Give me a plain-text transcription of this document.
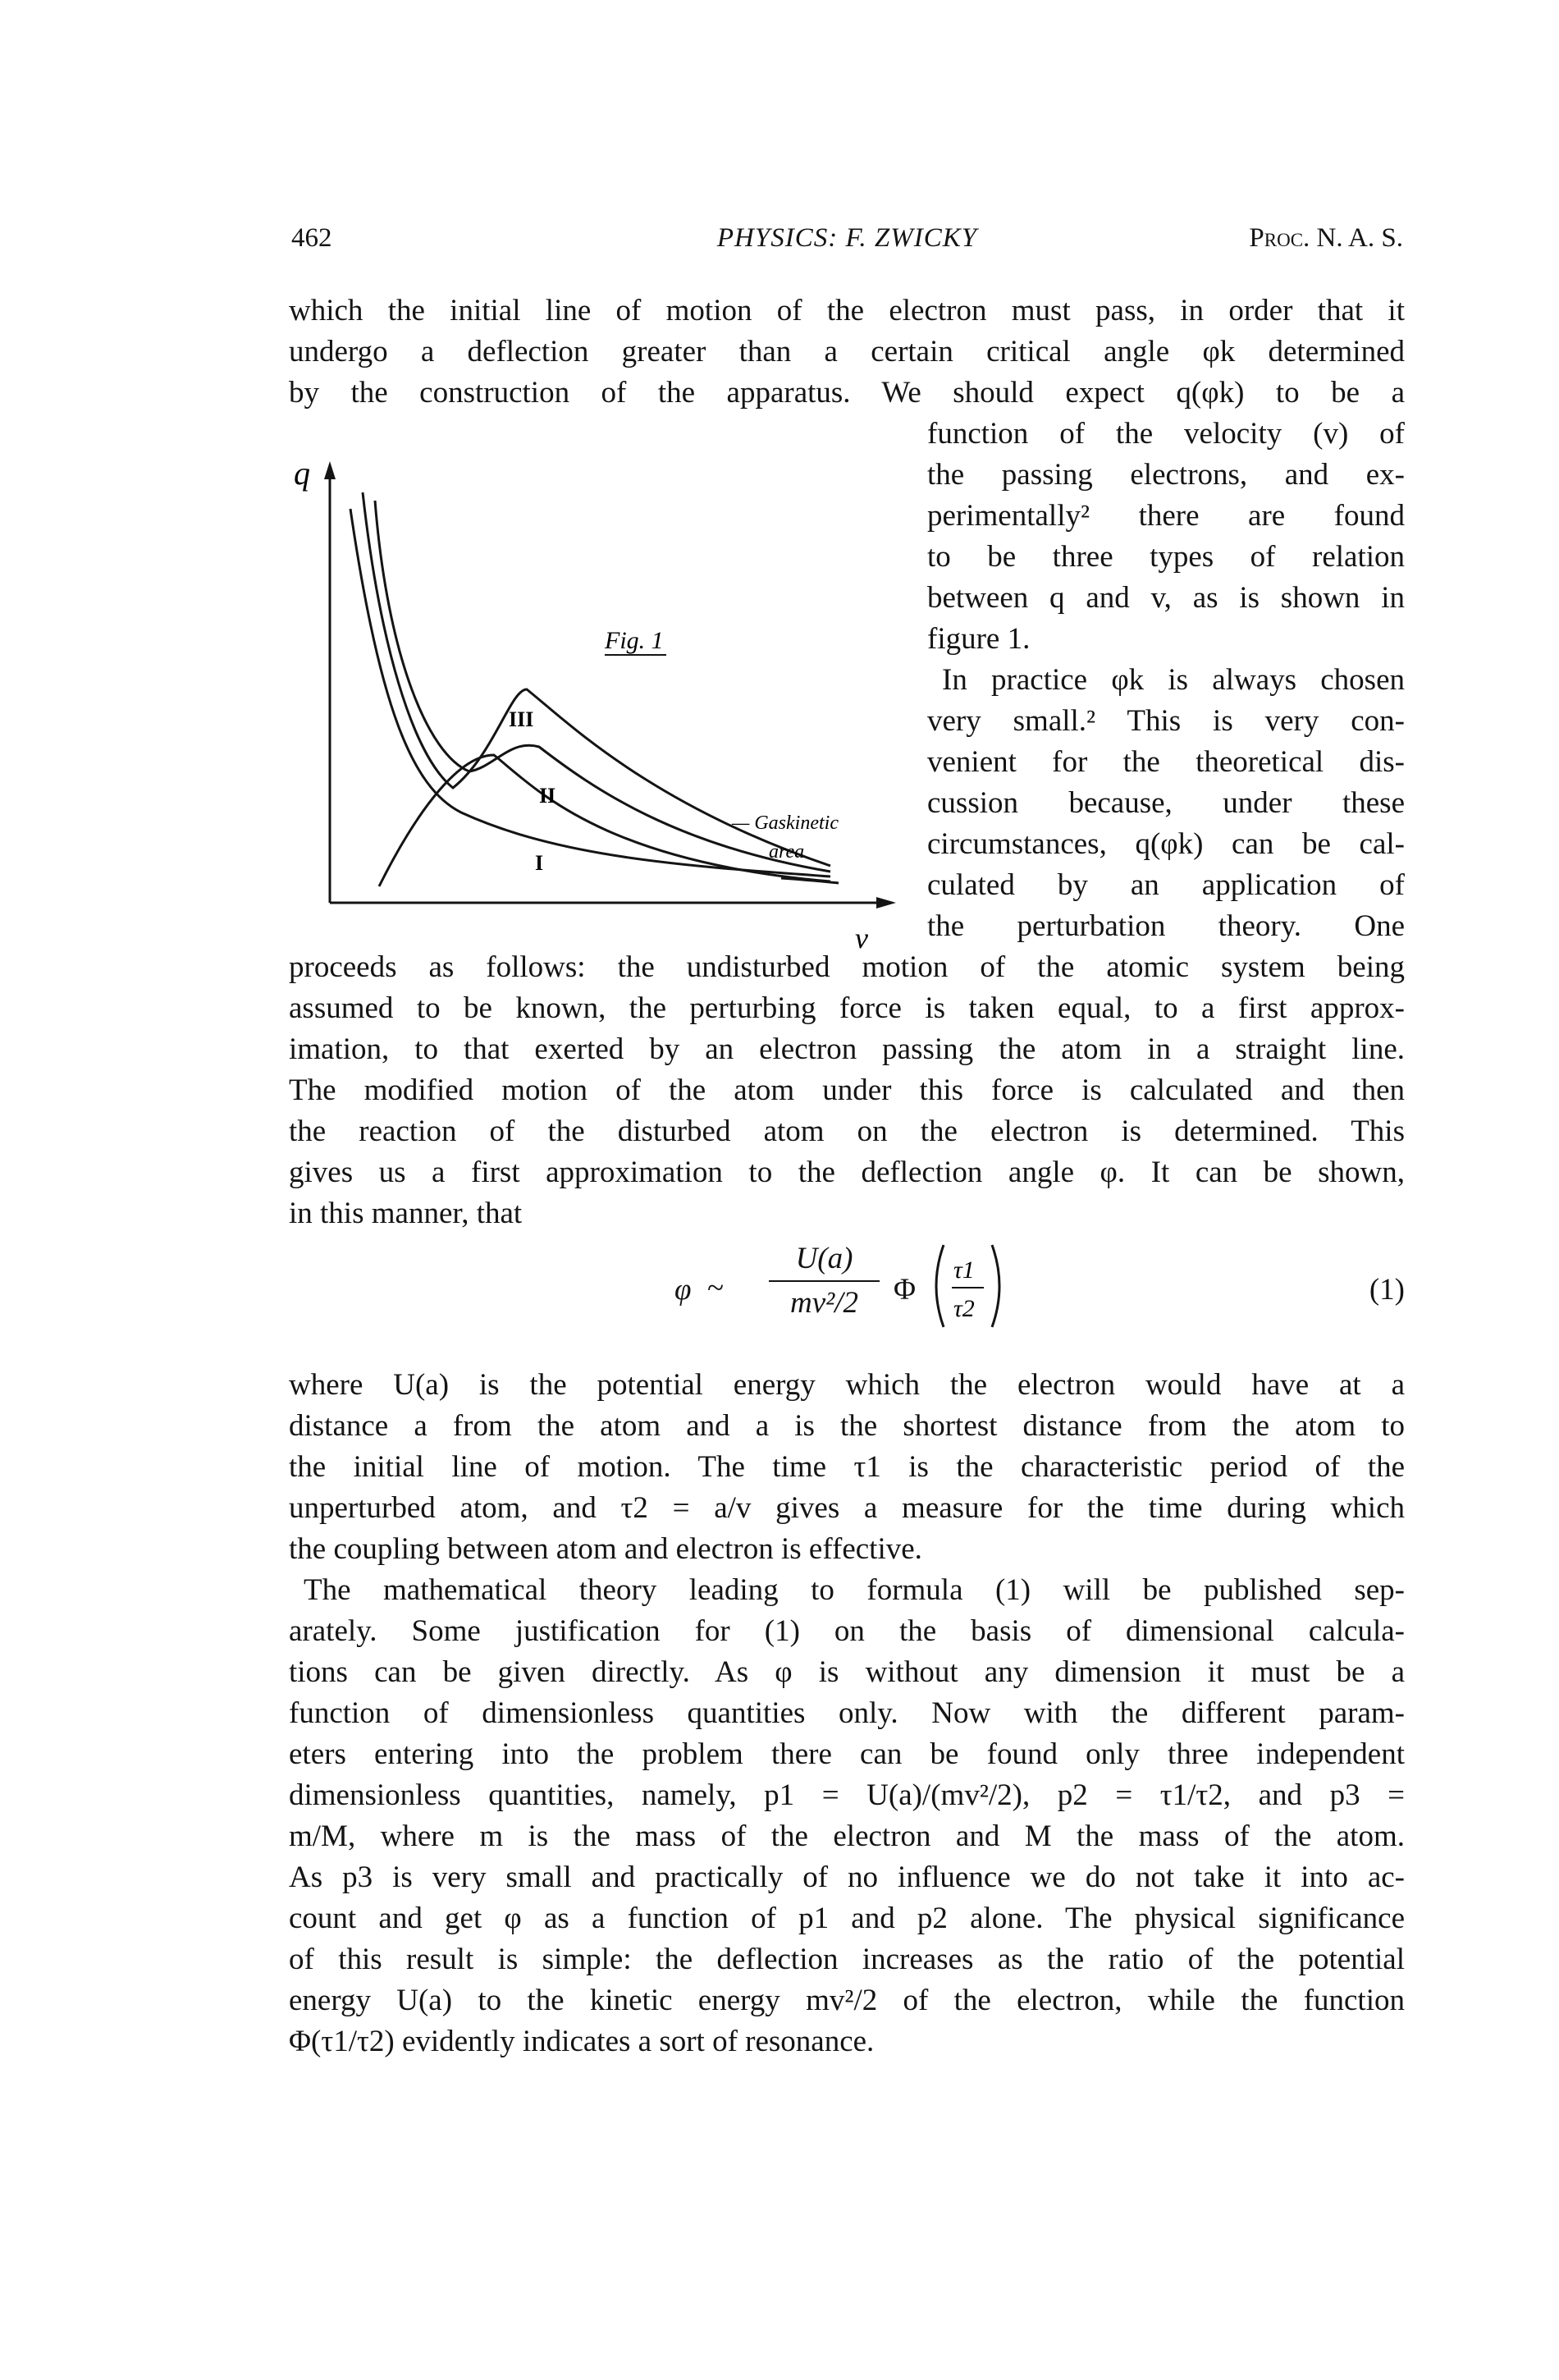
462	PHYSICS: F. ZWICKY	Proc. N. A. S.
which the initial line of motion of the electron must pass, in order that it
undergo a deflection greater than a certain critical angle φk determined
by the construction of the apparatus. We should expect q(φk) to be a
q
v
Fig. 1
III
II
I
— Gaskinetic
area
function of the velocity (v) of
the passing electrons, and ex-
perimentally² there are found
to be three types of relation
between q and v, as is shown in
figure 1.
In practice φk is always chosen
very small.² This is very con-
venient for the theoretical dis-
cussion because, under these
circumstances, q(φk) can be cal-
culated by an application of
the perturbation theory. One
proceeds as follows: the undisturbed motion of the atomic system being
assumed to be known, the perturbing force is taken equal, to a first approx-
imation, to that exerted by an electron passing the atom in a straight line.
The modified motion of the atom under this force is calculated and then
the reaction of the disturbed atom on the electron is determined. This
gives us a first approximation to the deflection angle φ. It can be shown,
in this manner, that
φ ~
U(a)
mv²/2	Φ
τ1
τ2
(1)
where U(a) is the potential energy which the electron would have at a
distance a from the atom and a is the shortest distance from the atom to
the initial line of motion. The time τ1 is the characteristic period of the
unperturbed atom, and τ2 = a/v gives a measure for the time during which
the coupling between atom and electron is effective.
The mathematical theory leading to formula (1) will be published sep-
arately. Some justification for (1) on the basis of dimensional calcula-
tions can be given directly. As φ is without any dimension it must be a
function of dimensionless quantities only. Now with the different param-
eters entering into the problem there can be found only three independent
dimensionless quantities, namely, p1 = U(a)/(mv²/2), p2 = τ1/τ2, and p3 =
m/M, where m is the mass of the electron and M the mass of the atom.
As p3 is very small and practically of no influence we do not take it into ac-
count and get φ as a function of p1 and p2 alone. The physical significance
of this result is simple: the deflection increases as the ratio of the potential
energy U(a) to the kinetic energy mv²/2 of the electron, while the function
Φ(τ1/τ2) evidently indicates a sort of resonance.
